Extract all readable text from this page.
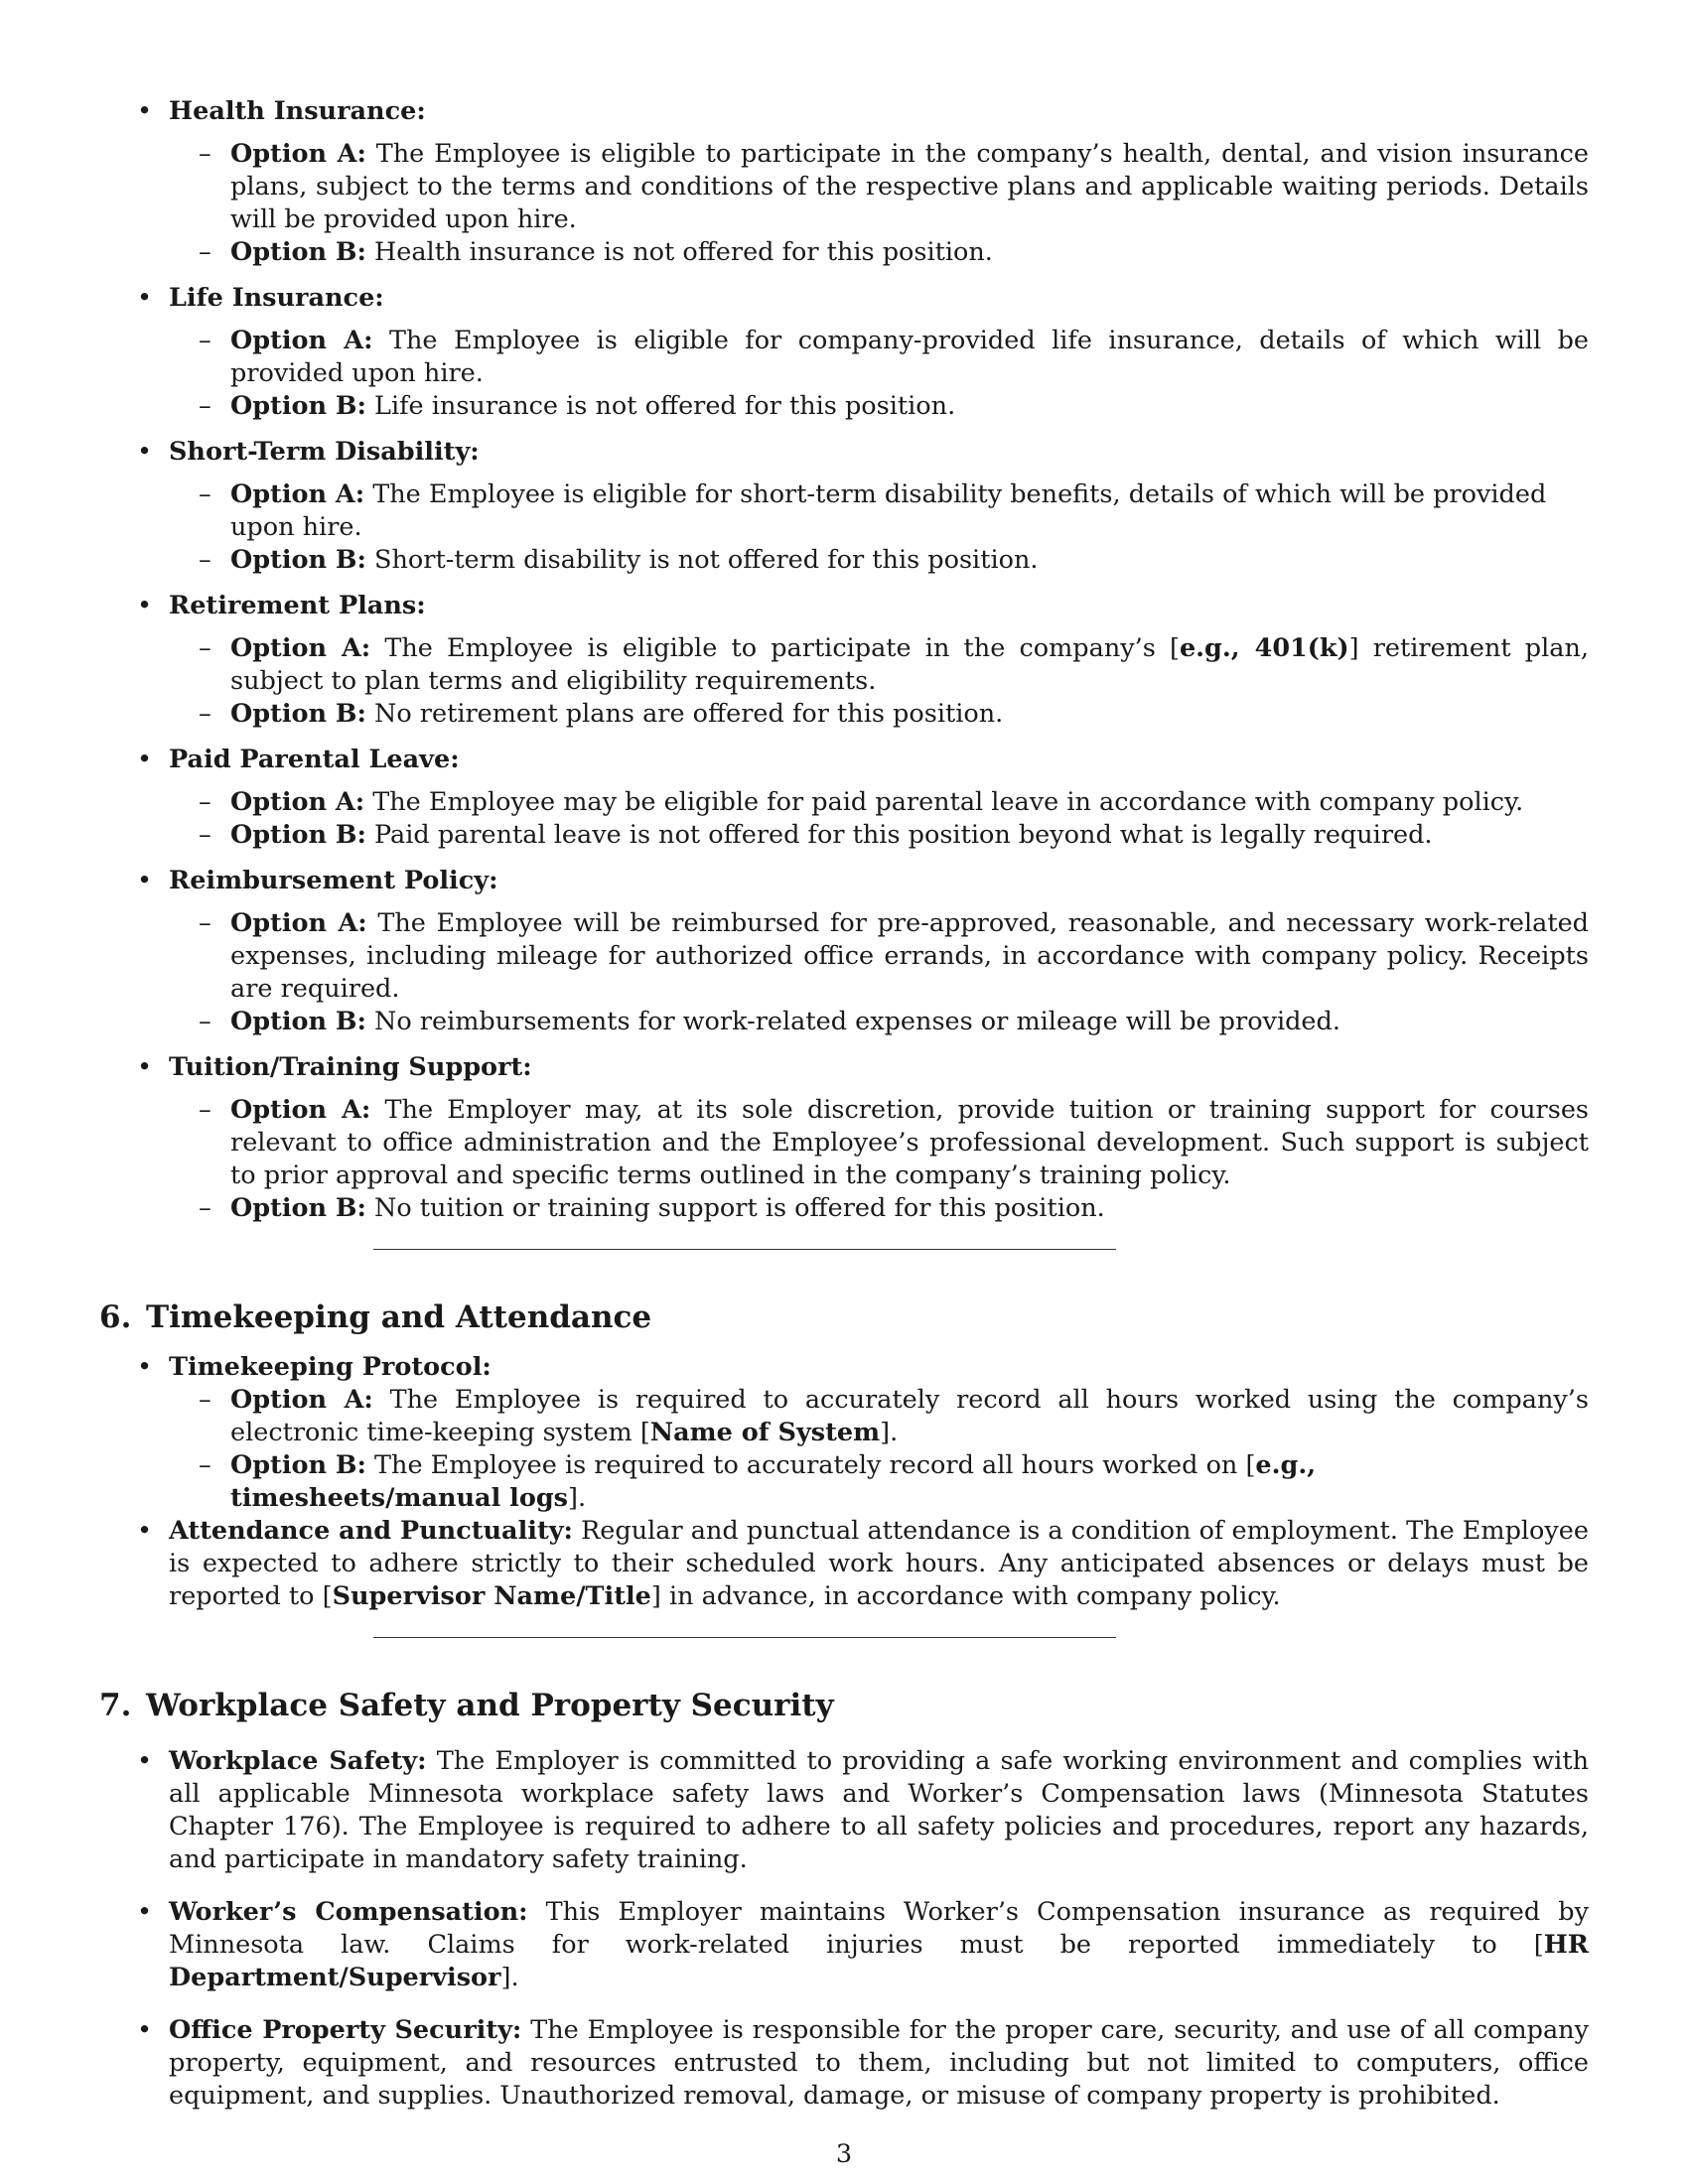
• Health Insurance:
– Option A: The Employee is eligible to participate in the company’s health, dental, and vision insurance plans, subject to the terms and conditions of the respective plans and applicable waiting periods. Details will be provided upon hire.
– Option B: Health insurance is not offered for this position.
• Life Insurance:
– Option A: The Employee is eligible for company-provided life insurance, details of which will be provided upon hire.
– Option B: Life insurance is not offered for this position.
• Short-Term Disability:
– Option A: The Employee is eligible for short-term disability benefits, details of which will be provided upon hire.
– Option B: Short-term disability is not offered for this position.
• Retirement Plans:
– Option A: The Employee is eligible to participate in the company’s [e.g., 401(k)] retirement plan, subject to plan terms and eligibility requirements.
– Option B: No retirement plans are offered for this position.
• Paid Parental Leave:
– Option A: The Employee may be eligible for paid parental leave in accordance with company policy.
– Option B: Paid parental leave is not offered for this position beyond what is legally required.
• Reimbursement Policy:
– Option A: The Employee will be reimbursed for pre-approved, reasonable, and necessary work-related expenses, including mileage for authorized office errands, in accordance with company policy. Receipts are required.
– Option B: No reimbursements for work-related expenses or mileage will be provided.
• Tuition/Training Support:
– Option A: The Employer may, at its sole discretion, provide tuition or training support for courses relevant to office administration and the Employee’s professional development. Such support is subject to prior approval and specific terms outlined in the company’s training policy.
– Option B: No tuition or training support is offered for this position.
6. Timekeeping and Attendance
• Timekeeping Protocol:
– Option A: The Employee is required to accurately record all hours worked using the company’s electronic time-keeping system [Name of System].
– Option B: The Employee is required to accurately record all hours worked on [e.g., timesheets/manual logs].

• Attendance and Punctuality: Regular and punctual attendance is a condition of employment. The Employee is expected to adhere strictly to their scheduled work hours. Any anticipated absences or delays must be reported to [Supervisor Name/Title] in advance, in accordance with company policy.

7. Workplace Safety and Property Security

• Workplace Safety: The Employer is committed to providing a safe working environment and complies with all applicable Minnesota workplace safety laws and Worker’s Compensation laws (Minnesota Statutes Chapter 176). The Employee is required to adhere to all safety policies and procedures, report any hazards, and participate in mandatory safety training.

• Worker’s Compensation: This Employer maintains Worker’s Compensation insurance as required by Minnesota law. Claims for work-related injuries must be reported immediately to [HR Department/Supervisor].

• Office Property Security: The Employee is responsible for the proper care, security, and use of all company property, equipment, and resources entrusted to them, including but not limited to computers, office equipment, and supplies. Unauthorized removal, damage, or misuse of company property is prohibited.

3
